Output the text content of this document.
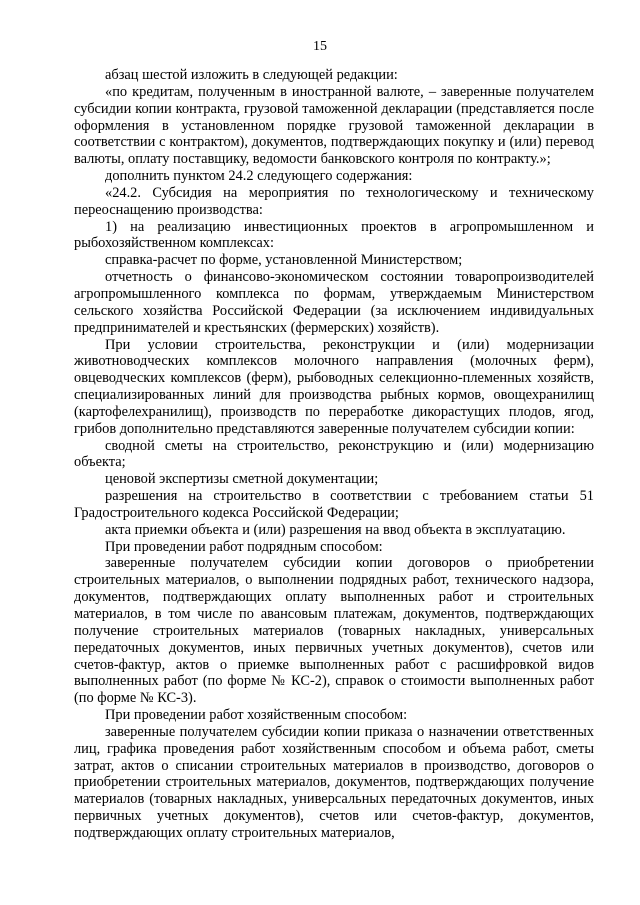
15

абзац шестой изложить в следующей редакции:

«по кредитам, полученным в иностранной валюте, – заверенные получателем субсидии копии контракта, грузовой таможенной декларации (представляется после оформления в установленном порядке грузовой таможенной декларации в соответствии с контрактом), документов, подтверждающих покупку и (или) перевод валюты, оплату поставщику, ведомости банковского контроля по контракту.»;

дополнить пунктом 24.2 следующего содержания:

«24.2. Субсидия на мероприятия по технологическому и техническому переоснащению производства:

1) на реализацию инвестиционных проектов в агропромышленном и рыбохозяйственном комплексах:

справка-расчет по форме, установленной Министерством;

отчетность о финансово-экономическом состоянии товаропроизводителей агропромышленного комплекса по формам, утверждаемым Министерством сельского хозяйства Российской Федерации (за исключением индивидуальных предпринимателей и крестьянских (фермерских) хозяйств).

При условии строительства, реконструкции и (или) модернизации животноводческих комплексов молочного направления (молочных ферм), овцеводческих комплексов (ферм), рыбоводных селекционно-племенных хозяйств, специализированных линий для производства рыбных кормов, овощехранилищ (картофелехранилищ), производств по переработке дикорастущих плодов, ягод, грибов дополнительно представляются заверенные получателем субсидии копии:

сводной сметы на строительство, реконструкцию и (или) модернизацию объекта;

ценовой экспертизы сметной документации;

разрешения на строительство в соответствии с требованием статьи 51 Градостроительного кодекса Российской Федерации;

акта приемки объекта и (или) разрешения на ввод объекта в эксплуатацию.

При проведении работ подрядным способом:

заверенные получателем субсидии копии договоров о приобретении строительных материалов, о выполнении подрядных работ, технического надзора, документов, подтверждающих оплату выполненных работ и строительных материалов, в том числе по авансовым платежам, документов, подтверждающих получение строительных материалов (товарных накладных, универсальных передаточных документов, иных первичных учетных документов), счетов или счетов-фактур, актов о приемке выполненных работ с расшифровкой видов выполненных работ (по форме № КС-2), справок о стоимости выполненных работ (по форме № КС-3).

При проведении работ хозяйственным способом:

заверенные получателем субсидии копии приказа о назначении ответственных лиц, графика проведения работ хозяйственным способом и объема работ, сметы затрат, актов о списании строительных материалов в производство, договоров о приобретении строительных материалов, документов, подтверждающих получение материалов (товарных накладных, универсальных передаточных документов, иных первичных учетных документов), счетов или счетов-фактур, документов, подтверждающих оплату строительных материалов,
